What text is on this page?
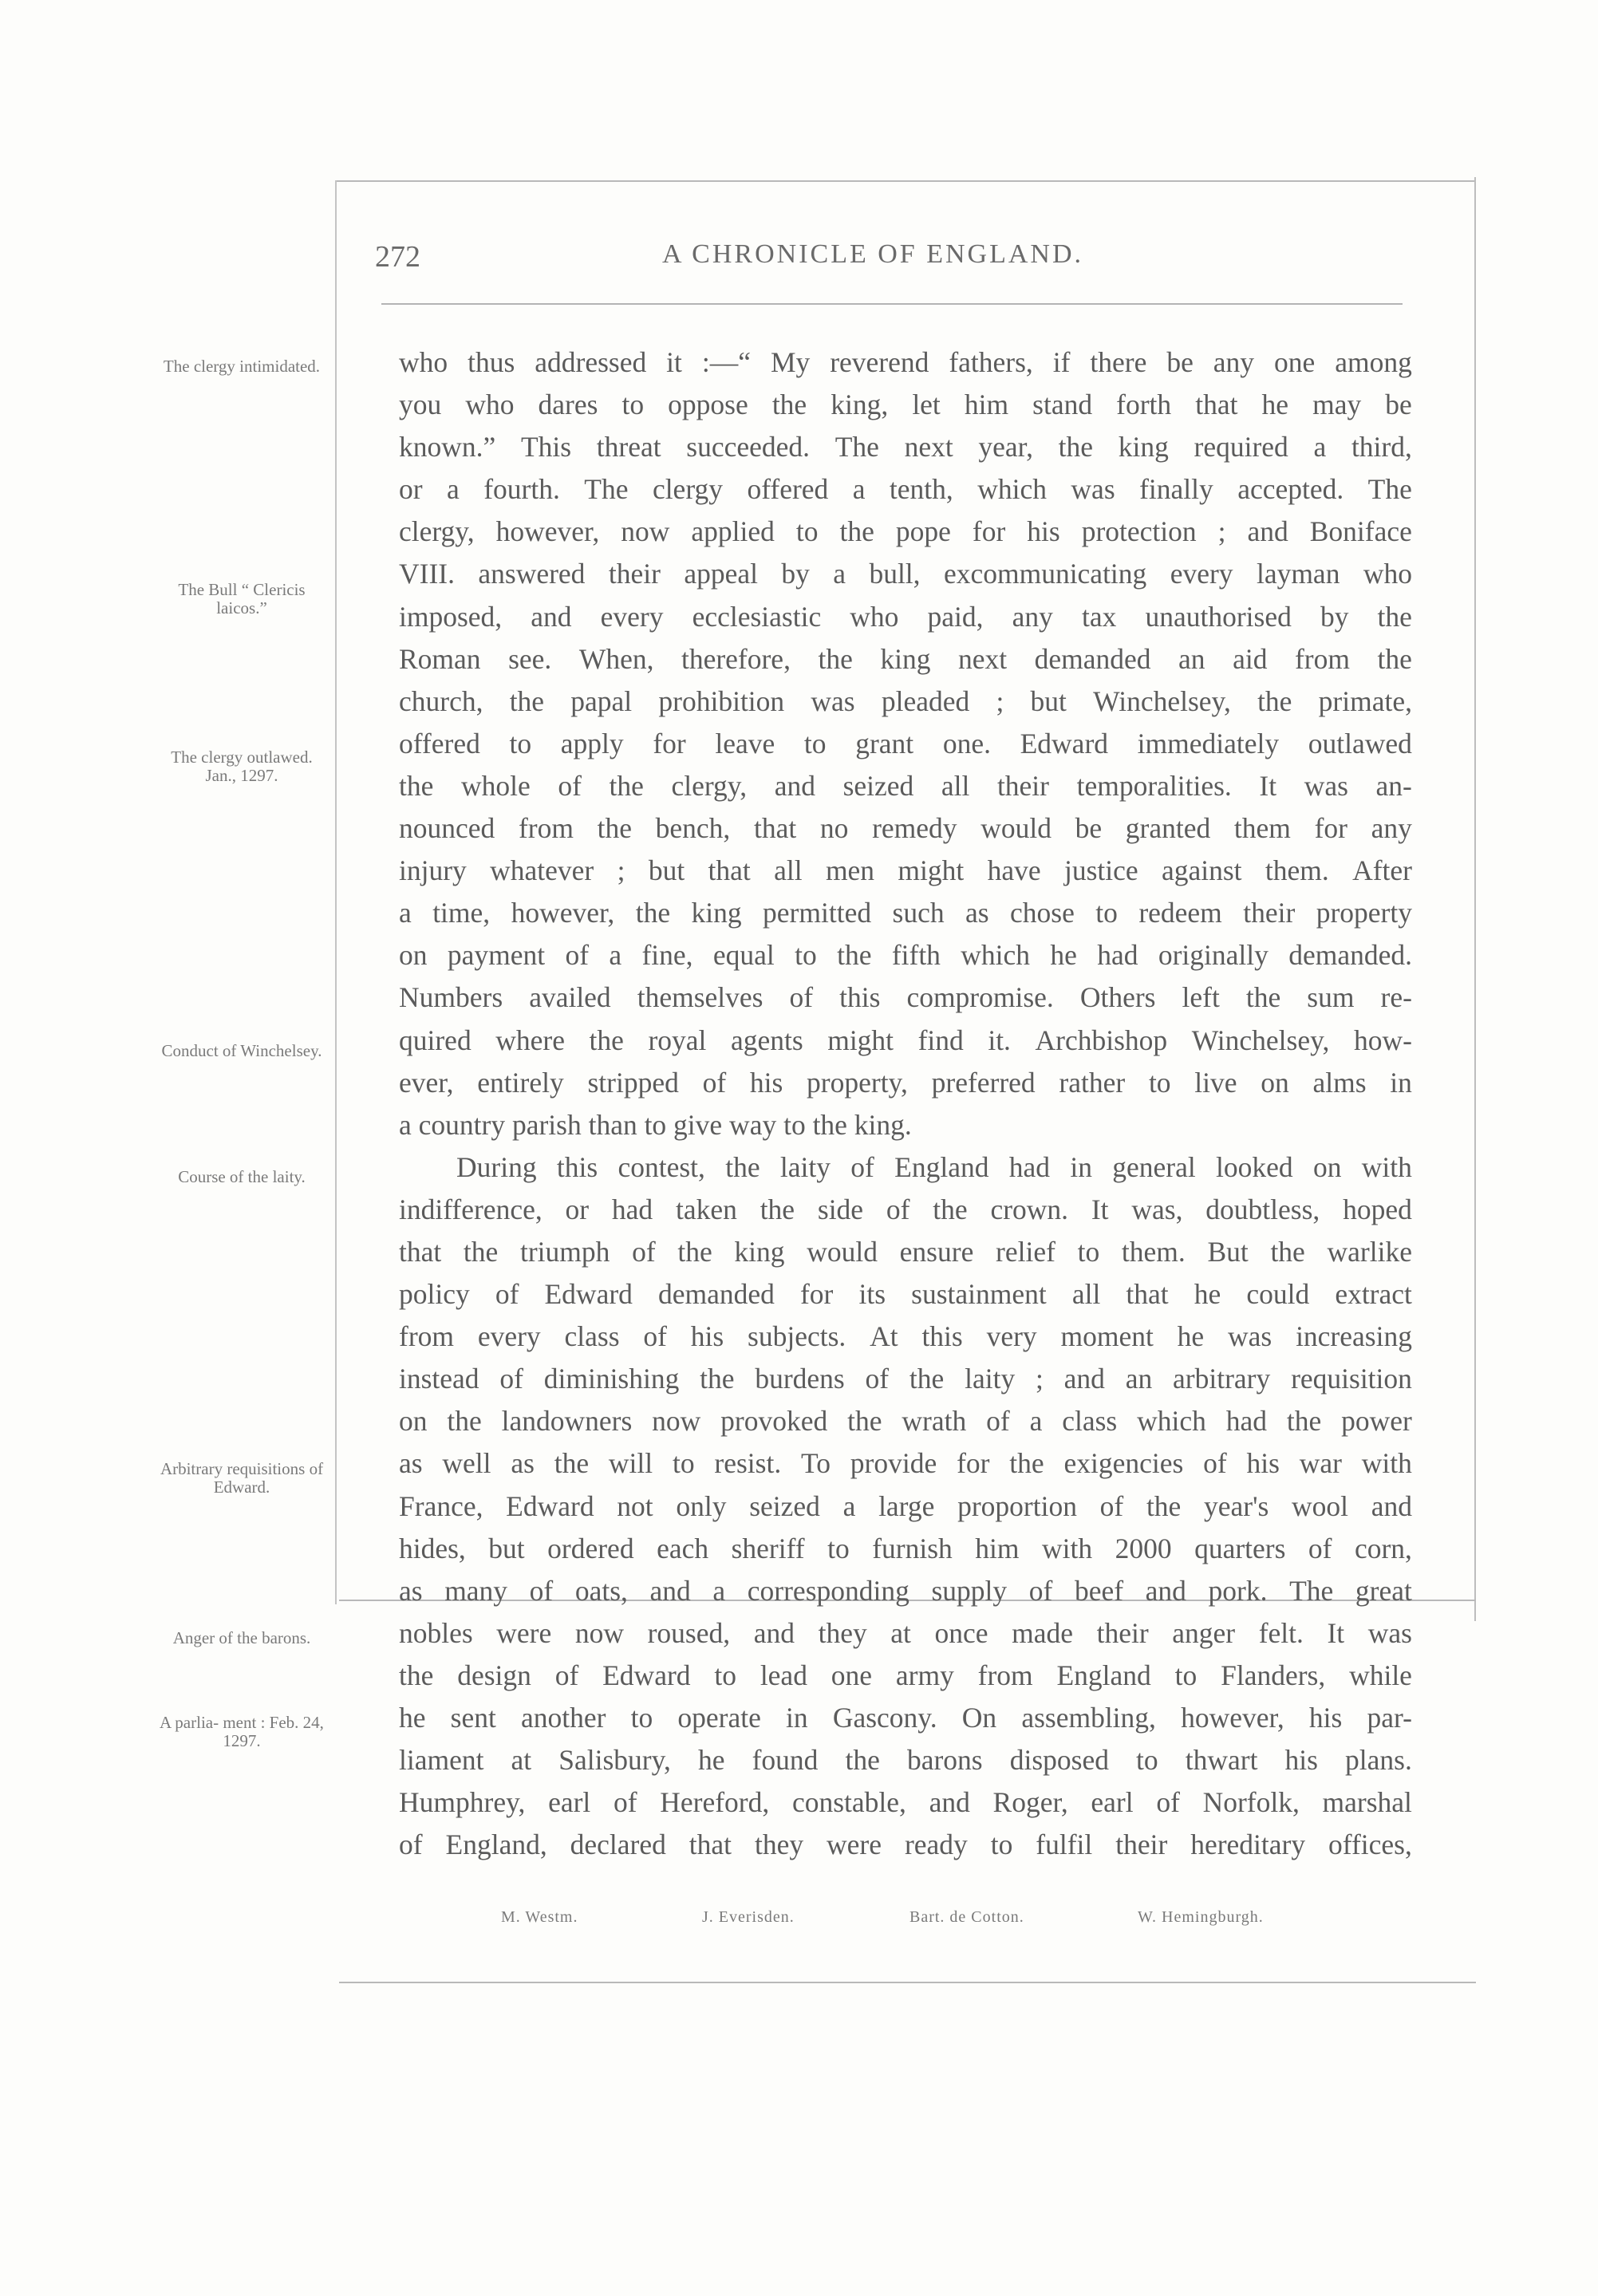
272	A CHRONICLE OF ENGLAND.
The clergy intimidated.
The Bull “ Clericis laicos.”
The clergy outlawed. Jan., 1297.
Conduct of Winchelsey.
Course of the laity.
Arbitrary requisitions of Edward.
Anger of the barons.
A parlia- ment : Feb. 24, 1297.
who thus addressed it :—“ My reverend fathers, if there be any one among
you who dares to oppose the king, let him stand forth that he may be
known.” This threat succeeded. The next year, the king required a third,
or a fourth. The clergy offered a tenth, which was finally accepted. The
clergy, however, now applied to the pope for his protection ; and Boniface
VIII. answered their appeal by a bull, excommunicating every layman who
imposed, and every ecclesiastic who paid, any tax unauthorised by the
Roman see. When, therefore, the king next demanded an aid from the
church, the papal prohibition was pleaded ; but Winchelsey, the primate,
offered to apply for leave to grant one. Edward immediately outlawed
the whole of the clergy, and seized all their temporalities. It was an-
nounced from the bench, that no remedy would be granted them for any
injury whatever ; but that all men might have justice against them. After
a time, however, the king permitted such as chose to redeem their property
on payment of a fine, equal to the fifth which he had originally demanded.
Numbers availed themselves of this compromise. Others left the sum re-
quired where the royal agents might find it. Archbishop Winchelsey, how-
ever, entirely stripped of his property, preferred rather to live on alms in
a country parish than to give way to the king.
During this contest, the laity of England had in general looked on with
indifference, or had taken the side of the crown. It was, doubtless, hoped
that the triumph of the king would ensure relief to them. But the warlike
policy of Edward demanded for its sustainment all that he could extract
from every class of his subjects. At this very moment he was increasing
instead of diminishing the burdens of the laity ; and an arbitrary requisition
on the landowners now provoked the wrath of a class which had the power
as well as the will to resist. To provide for the exigencies of his war with
France, Edward not only seized a large proportion of the year's wool and
hides, but ordered each sheriff to furnish him with 2000 quarters of corn,
as many of oats, and a corresponding supply of beef and pork. The great
nobles were now roused, and they at once made their anger felt. It was
the design of Edward to lead one army from England to Flanders, while
he sent another to operate in Gascony. On assembling, however, his par-
liament at Salisbury, he found the barons disposed to thwart his plans.
Humphrey, earl of Hereford, constable, and Roger, earl of Norfolk, marshal
of England, declared that they were ready to fulfil their hereditary offices,
M. Westm.	J. Everisden.	Bart. de Cotton.	W. Hemingburgh.
